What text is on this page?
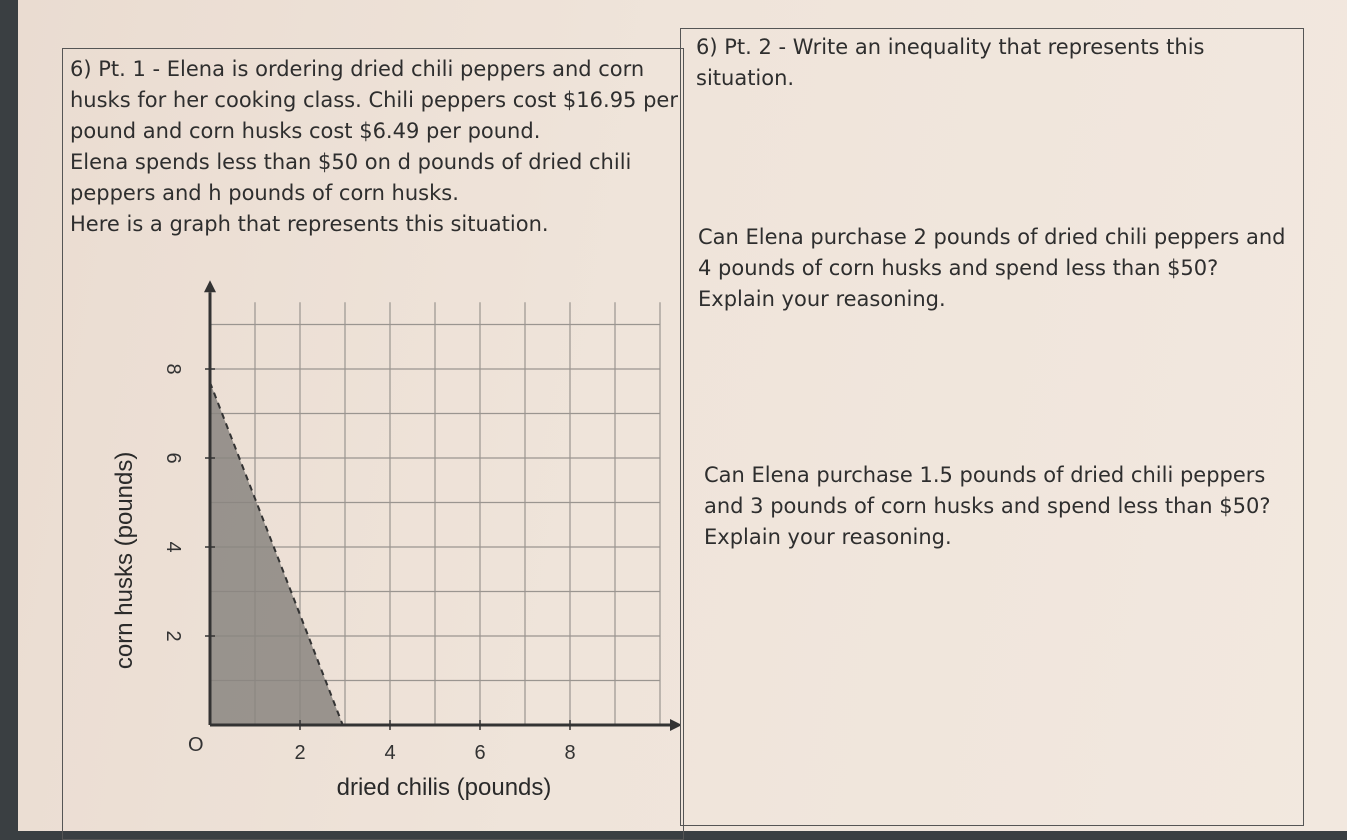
6) Pt. 1 - Elena is ordering dried chili peppers and corn husks for her cooking class. Chili peppers cost $16.95 per pound and corn husks cost $6.49 per pound.
Elena spends less than $50 on d pounds of dried chili peppers and h pounds of corn husks.
Here is a graph that represents this situation.
6) Pt. 2 - Write an inequality that represents this situation.
Can Elena purchase 2 pounds of dried chili peppers and 4 pounds of corn husks and spend less than $50? Explain your reasoning.
Can Elena purchase 1.5 pounds of dried chili peppers and 3 pounds of corn husks and spend less than $50? Explain your reasoning.
2	4	6	8
2
4
6
8
O
dried chilis (pounds)
corn husks (pounds)
